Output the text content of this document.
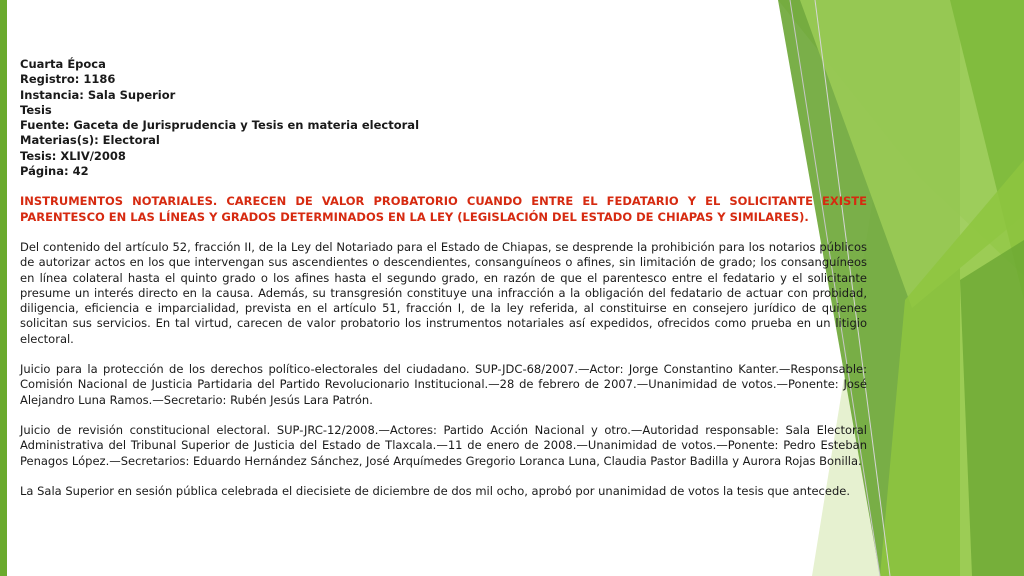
Cuarta Época
Registro: 1186
Instancia: Sala Superior
Tesis
Fuente: Gaceta de Jurisprudencia y Tesis en materia electoral
Materias(s): Electoral
Tesis: XLIV/2008
Página: 42
INSTRUMENTOS NOTARIALES. CARECEN DE VALOR PROBATORIO CUANDO ENTRE EL FEDATARIO Y EL SOLICITANTE EXISTE PARENTESCO EN LAS LÍNEAS Y GRADOS DETERMINADOS EN LA LEY (LEGISLACIÓN DEL ESTADO DE CHIAPAS Y SIMILARES).
Del contenido del artículo 52, fracción II, de la Ley del Notariado para el Estado de Chiapas, se desprende la prohibición para los notarios públicos de autorizar actos en los que intervengan sus ascendientes o descendientes, consanguíneos o afines, sin limitación de grado; los consanguíneos en línea colateral hasta el quinto grado o los afines hasta el segundo grado, en razón de que el parentesco entre el fedatario y el solicitante presume un interés directo en la causa. Además, su transgresión constituye una infracción a la obligación del fedatario de actuar con probidad, diligencia, eficiencia e imparcialidad, prevista en el artículo 51, fracción I, de la ley referida, al constituirse en consejero jurídico de quienes solicitan sus servicios. En tal virtud, carecen de valor probatorio los instrumentos notariales así expedidos, ofrecidos como prueba en un litigio electoral.
Juicio para la protección de los derechos político-electorales del ciudadano. SUP-JDC-68/2007.—Actor: Jorge Constantino Kanter.—Responsable: Comisión Nacional de Justicia Partidaria del Partido Revolucionario Institucional.—28 de febrero de 2007.—Unanimidad de votos.—Ponente: José Alejandro Luna Ramos.—Secretario: Rubén Jesús Lara Patrón.
Juicio de revisión constitucional electoral. SUP-JRC-12/2008.—Actores: Partido Acción Nacional y otro.—Autoridad responsable: Sala Electoral Administrativa del Tribunal Superior de Justicia del Estado de Tlaxcala.—11 de enero de 2008.—Unanimidad de votos.—Ponente: Pedro Esteban Penagos López.—Secretarios: Eduardo Hernández Sánchez, José Arquímedes Gregorio Loranca Luna, Claudia Pastor Badilla y Aurora Rojas Bonilla.
La Sala Superior en sesión pública celebrada el diecisiete de diciembre de dos mil ocho, aprobó por unanimidad de votos la tesis que antecede.
